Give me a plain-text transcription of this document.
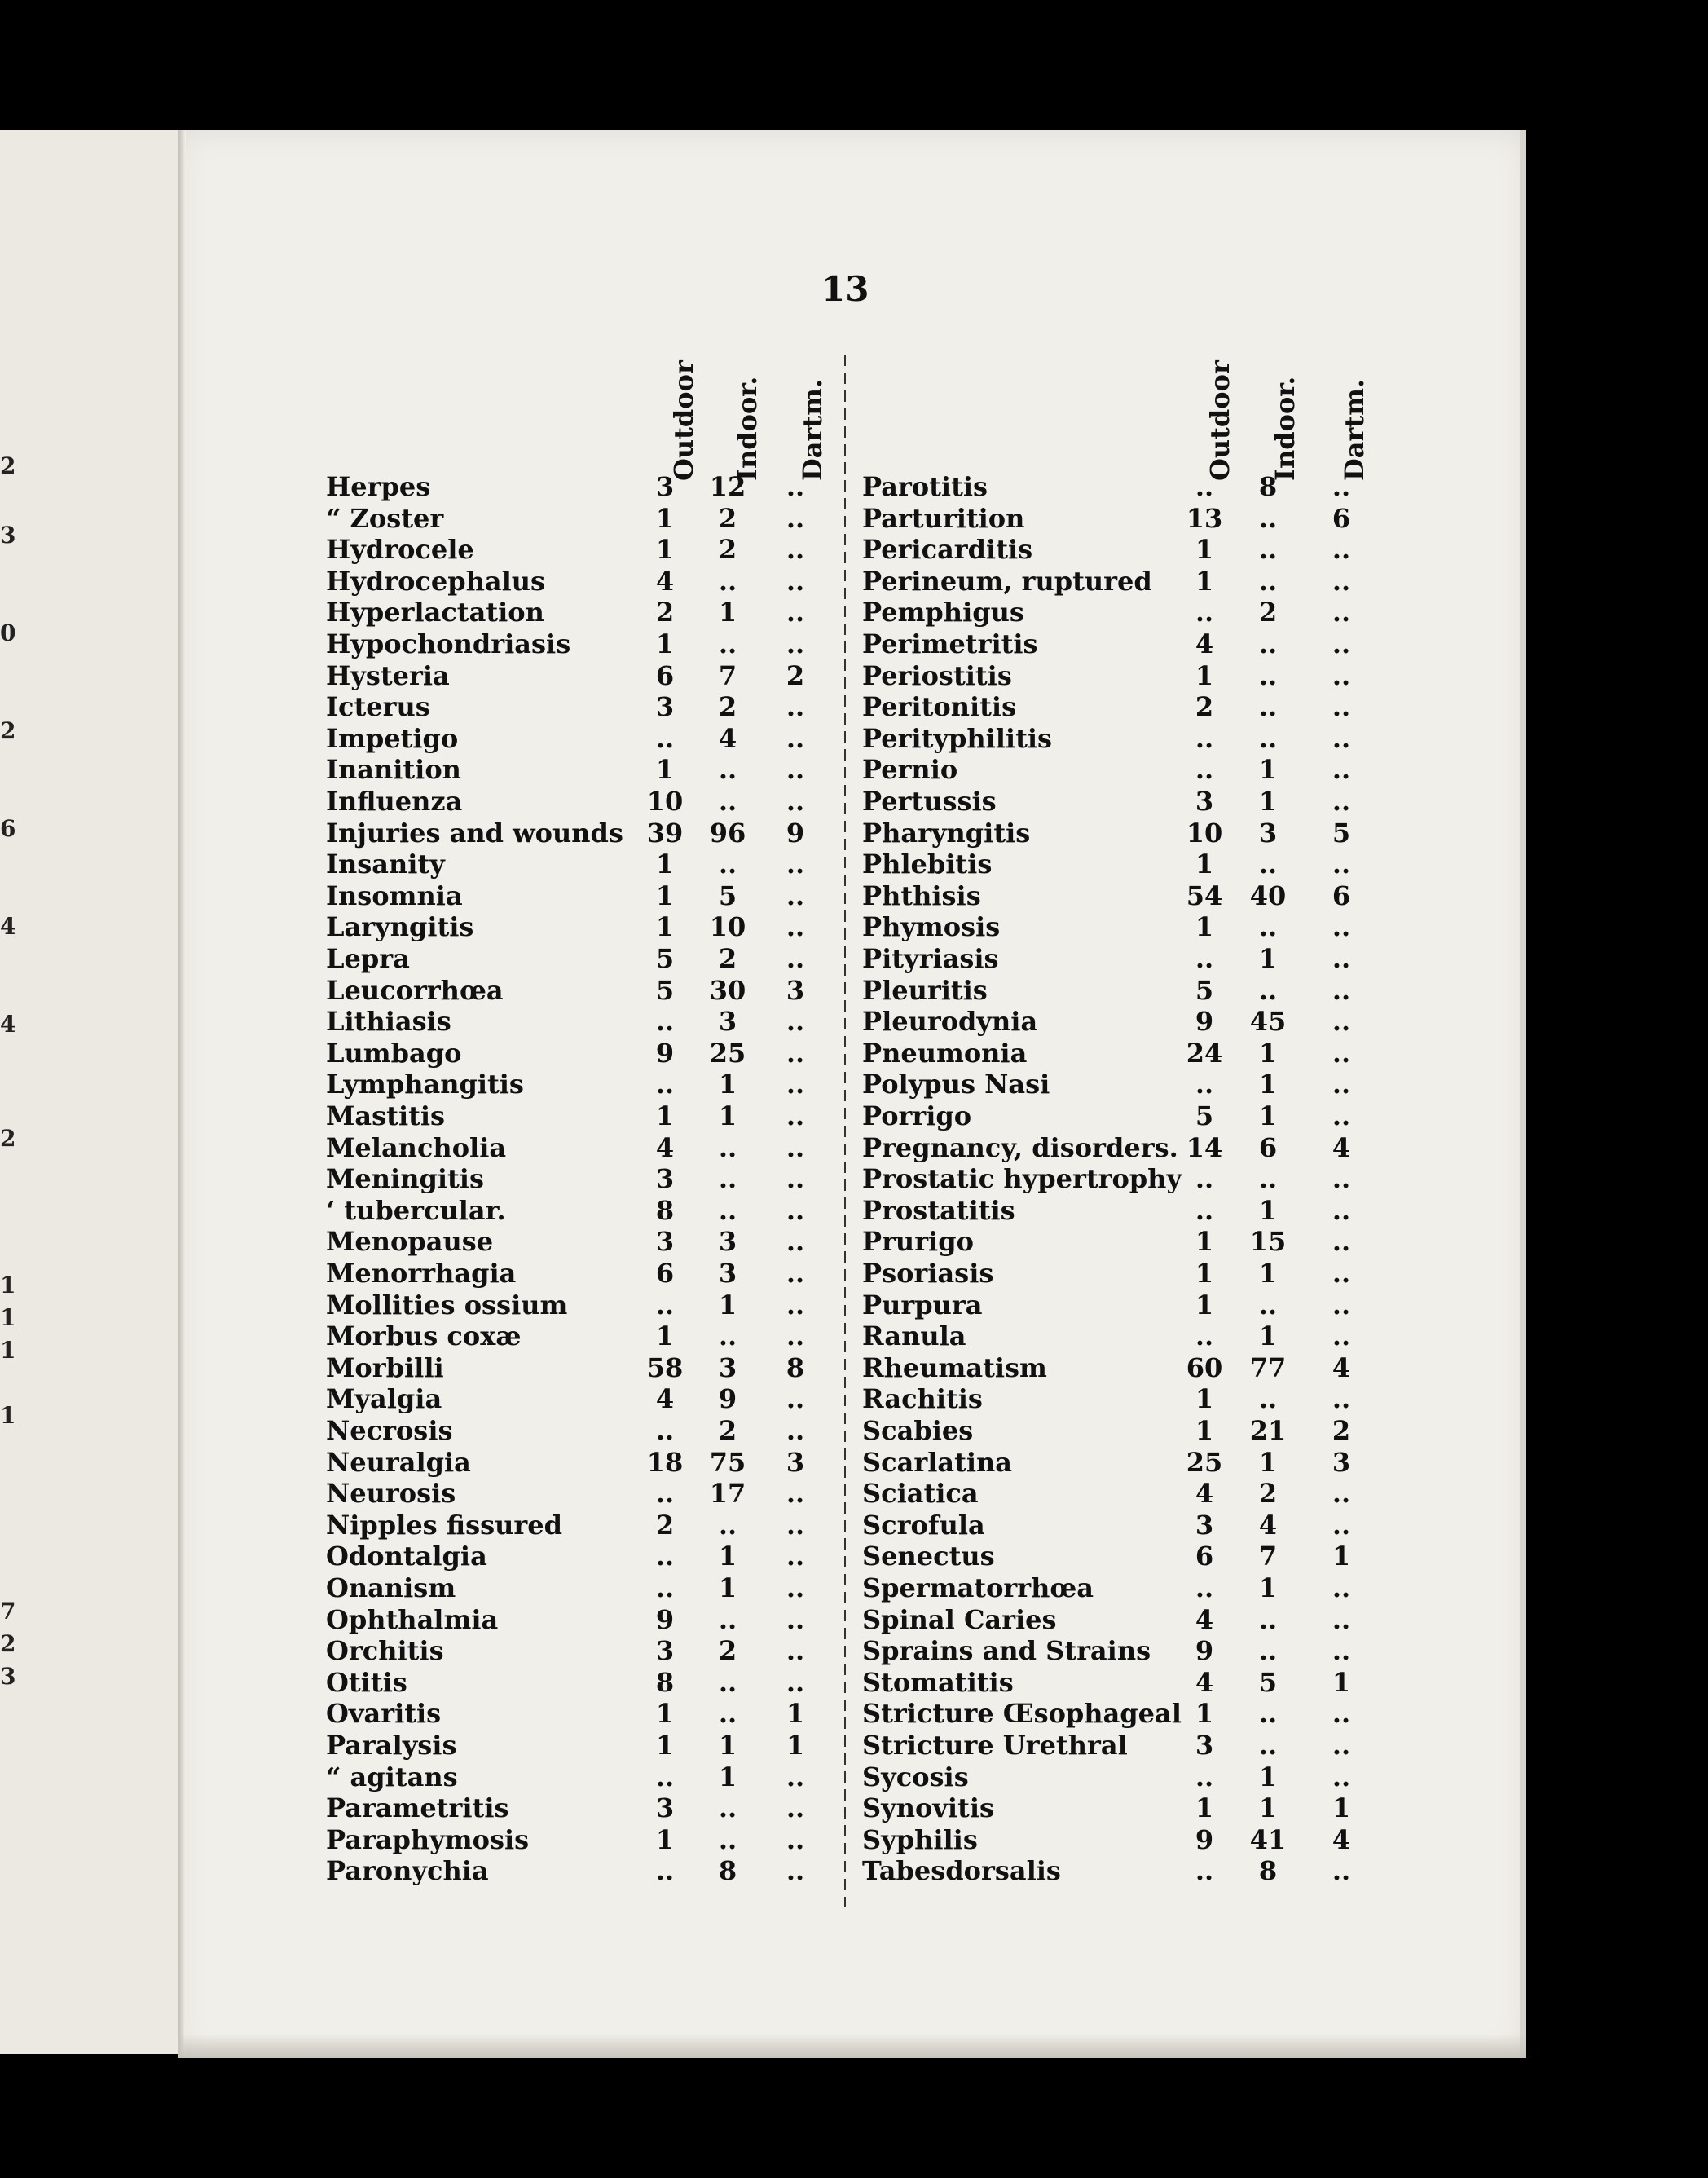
2
3
0
2
6
4
4
2
1
1
1
1
7
2
3
13
Outdoor Indoor. Dartm.	Outdoor Indoor. Dartm.
Herpes	3	12	..
“ Zoster	1	2	..
Hydrocele	1	2	..
Hydrocephalus	4	..	..
Hyperlactation	2	1	..
Hypochondriasis	1	..	..
Hysteria	6	7	2
Icterus	3	2	..
Impetigo	..	4	..
Inanition	1	..	..
Influenza	10	..	..
Injuries and wounds 39 96	9
Insanity	1	..	..
Insomnia	1	5	..
Laryngitis	1	10	..
Lepra	5	2	..
Leucorrhœa	5	30	3
Lithiasis	..	3	..
Lumbago	9	25	..
Lymphangitis	..	1	..
Mastitis	1	1	..
Melancholia	4	..	..
Meningitis	3	..	..
‘ tubercular.	8	..	..
Menopause	3	3	..
Menorrhagia	6	3	..
Mollities ossium	..	1	..
Morbus coxæ	1	..	..
Morbilli	58	3	8
Myalgia	4	9	..
Necrosis	..	2	..
Neuralgia	18 75	3
Neurosis	..	17	..
Nipples fissured	2	..	..
Odontalgia	..	1	..
Onanism	..	1	..
Ophthalmia	9	..	..
Orchitis	3	2	..
Otitis	8	..	..
Ovaritis	1	..	1
Paralysis	1	1	1
“ agitans	..	1	..
Parametritis	3	..	..
Paraphymosis	1	..	..
Paronychia	..	8	..
Parotitis	..	8	..
Parturition	13	..	6
Pericarditis	1	..	..
Perineum, ruptured	1	..	..
Pemphigus	..	2	..
Perimetritis	4	..	..
Periostitis	1	..	..
Peritonitis	2	..	..
Perityphilitis	..	..	..
Pernio	..	1	..
Pertussis	3	1	..
Pharyngitis	10	3	5
Phlebitis	1	..	..
Phthisis	54 40	6
Phymosis	1	..	..
Pityriasis	..	1	..
Pleuritis	5	..	..
Pleurodynia	9	45	..
Pneumonia	24	1	..
Polypus Nasi	..	1	..
Porrigo	5	1	..
Pregnancy, disorders. 14	6	4
Prostatic hypertrophy ..	..	..
Prostatitis	..	1	..
Prurigo	1	15	..
Psoriasis	1	1	..
Purpura	1	..	..
Ranula	..	1	..
Rheumatism	60 77	4
Rachitis	1	..	..
Scabies	1	21	2
Scarlatina	25	1	3
Sciatica	4	2	..
Scrofula	3	4	..
Senectus	6	7	1
Spermatorrhœa	..	1	..
Spinal Caries	4	..	..
Sprains and Strains	9	..	..
Stomatitis	4	5	1
Stricture Œsophageal 1	..	..
Stricture Urethral	3	..	..
Sycosis	..	1	..
Synovitis	1	1	1
Syphilis	9	41	4
Tabesdorsalis	..	8	..
